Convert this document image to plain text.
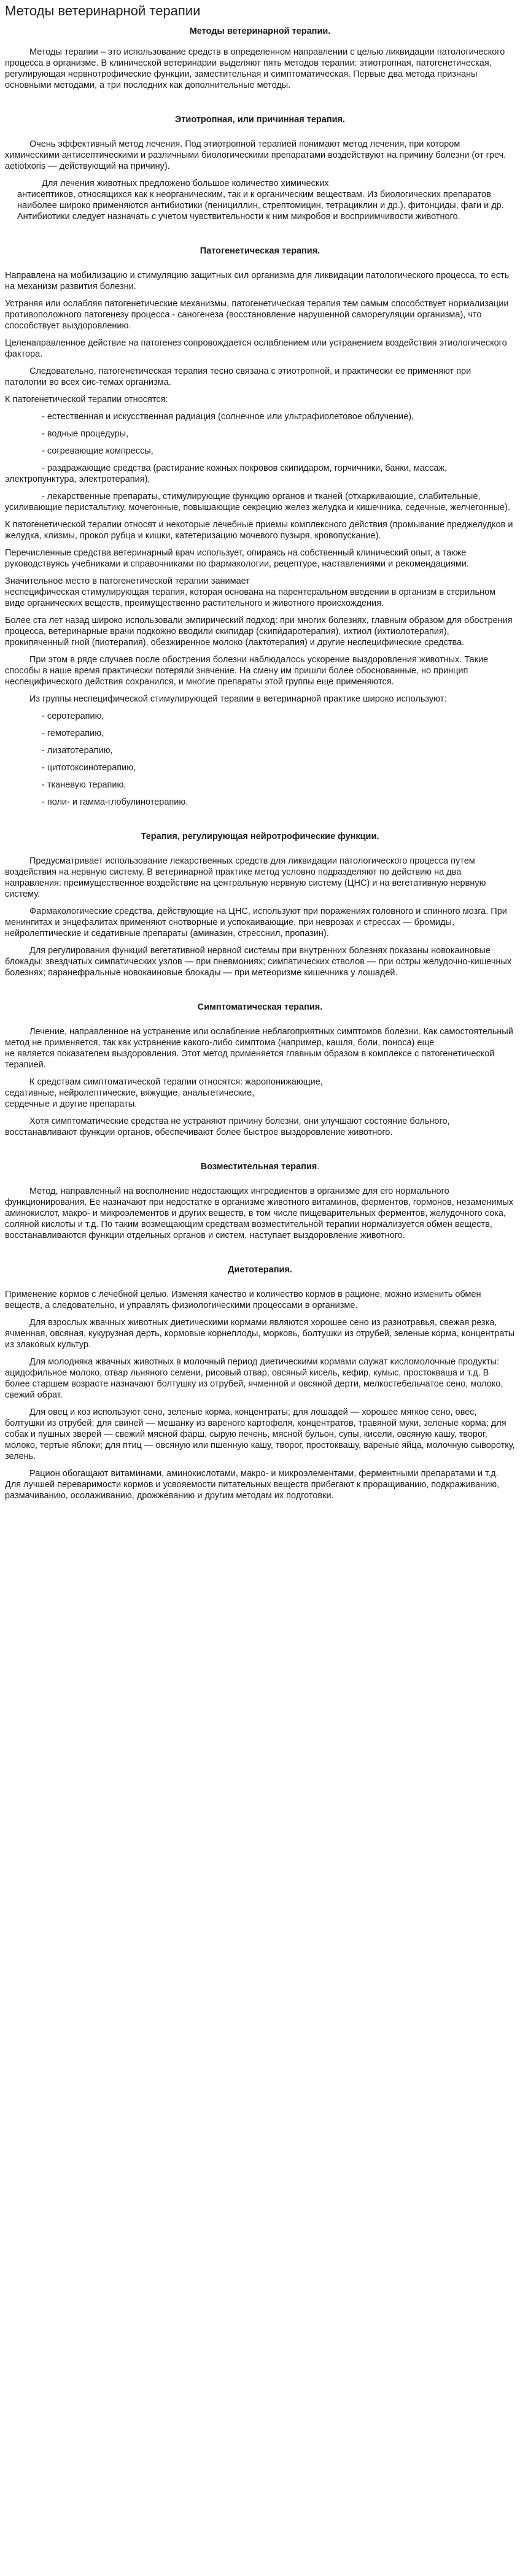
Методы ветеринарной терапии
Методы ветеринарной терапии.

Методы терапии – это использование средств в определенном направлении с целью ликвидации патологического процесса в организме. В клинической ветеринарии выделяют пять методов терапии: этиотропная, патогенетическая, регулирующая нервнотрофические функции, заместительная и симптоматическая. Первые два метода признаны основными методами, а три последних как дополнительные методы.

Этиотропная, или причинная терапия.

Очень эффективный метод лечения. Под этиотропной терапией понимают метод лечения, при котором химическими антисептическими и различными биологическими препаратами воздействуют на причину болезни (от греч. aetiotxoris — действующий на причину).

Для лечения животных предложено большое количество химических

антисептиков, относящихся как к неорганическим, так и к органическим веществам. Из биологических препаратов наиболее широко применяются антибиотики (пенициллин, стрептомицин, тетрациклин и др.), фитонциды, фаги и др. Антибиотики следует назначать с учетом чувствительности к ним микробов и восприимчивости животного.

Патогенетическая терапия.

Направлена на мобилизацию и стимуляцию защитных сил организма для ликвидации патологического процесса, то есть на механизм развития болезни.

Устраняя или ослабляя патогенетические механизмы, патогенетическая терапия тем самым способствует нормализации противоположного патогенезу процесса - саногенеза (восстановление нарушенной саморегуляции организма), что способствует выздоровлению.

Целенаправленное действие на патогенез сопровождается ослаблением или устранением воздействия этиологического фактора.

Следовательно, патогенетическая терапия тесно связана с этиотропной, и практически ее применяют при патологии во всех сис-темах организма.

К патогенетической терапии относятся:

- естественная и искусственная радиация (солнечное или ультрафиолетовое облучение),

- водные процедуры,

- согревающие компрессы,

- раздражающие средства (растирание кожных покровов скипидаром, горчичники, банки, массаж, электропунктура, электротерапия),

- лекарственные препараты, стимулирующие функцию органов и тканей (отхаркивающие, слабительные, усиливающие перистальтику, мочегонные, повышающие секрецию желез желудка и кишечника, седечные, желчегонные).

К патогенетической терапии относят и некоторые лечебные приемы комплексного действия (промывание преджелудков и желудка, клизмы, прокол рубца и кишки, катетеризацию мочевого пузыря, кровопускание).

Перечисленные средства ветеринарный врач использует, опираясь на собственный клинический опыт, а также руководствуясь учебниками и справочниками по фармакологии, рецептуре, наставлениями и рекомендациями.

Значительное место в патогенетической терапии занимает

неспецифическая стимулирующая терапия, которая основана на парентеральном введении в организм в стерильном виде органических веществ, преимущественно растительного и животного происхождения.

Более ста лет назад широко использовали эмпирический подход: при многих болезнях, главным образом для обострения процесса, ветеринарные врачи подкожно вводили скипидар (скипидаротерапия), ихтиол (ихтиолотерапия), прокипяченный гной (пиотерапия), обезжиренное молоко (лактотерапия) и другие неспецифические средства.

При этом в ряде случаев после обострения болезни наблюдалось ускорение выздоровления животных. Такие способы в наше время практически потеряли значение. На смену им пришли более обоснованные, но принцип неспецифического действия сохранился, и многие препараты этой группы еще применяются.

Из группы неспецифической стимулирующей терапии в ветеринарной практике широко используют:

- серотерапию,

- гемотерапию,

- лизатотерапию,

- цитотоксинотерапию,

- тканевую терапию,

- поли- и гамма-глобулинотерапию.

Терапия, регулирующая нейротрофические функции.

Предусматривает использование лекарственных средств для ликвидации патологического процесса путем воздействия на нервную систему. В ветеринарной практике метод условно подразделяют по действию на два направления: преимущественное воздействие на центральную нервную систему (ЦНС) и на вегетативную нервную систему.

Фармакологические средства, действующие на ЦНС, используют при поражениях головного и спинного мозга. При менингитах и энцефалитах применяют снотворные и успокаивающие, при неврозах и стрессах — бромиды, нейролептические и седативные препараты (аминазин, стресснил, пропазин).

Для регулирования функций вегетативной нервной системы при внутренних болезнях показаны новокаиновые блокады: звездчатых симпатических узлов — при пневмониях; симпатических стволов — при остры желудочно-кишечных болезнях; паранефральные новокаиновые блокады — при метеоризме кишечника у лошадей.

Симптоматическая терапия.

Лечение, направленное на устранение или ослабление неблагоприятных симптомов болезни. Как самостоятельный метод не применяется, так как устранение какого-либо симптома (например, кашля, боли, поноса) еще

не является показателем выздоровления. Этот метод применяется главным образом в комплексе с патогенетической терапией.

К средствам симптоматической терапии относятся: жаропонижающие,

седативные, нейролептические, вяжущие, анальгетические,

сердечные и другие препараты.

Хотя симптоматические средства не устраняют причину болезни, они улучшают состояние больного, восстанавливают функции органов, обеспечивают более быстрое выздоровление животного.

Возместительная терапия.

Метод, направленный на восполнение недостающих ингредиентов в организме для его нормального функционирования. Ее назначают при недостатке в организме животного витаминов, ферментов, гормонов, незаменимых аминокислот, макро- и микроэлементов и других веществ, в том числе пищеварительных ферментов, желудочного сока, соляной кислоты и т.д. По таким возмещающим средствам возместительной терапии нормализуется обмен веществ, восстанавливаются функции отдельных органов и систем, наступает выздоровление животного.

Диетотерапия.

Применение кормов с лечебной целью. Изменяя качество и количество кормов в рационе, можно изменить обмен веществ, а следовательно, и управлять физиологическими процессами в организме.

Для взрослых жвачных животных диетическими кормами являются хорошее сено из разнотравья, свежая резка, ячменная, овсяная, кукурузная дерть, кормовые корнеплоды, морковь, болтушки из отрубей, зеленые корма, концентраты из злаковых культур.

Для молодняка жвачных животных в молочный период диетическими кормами служат кисломолочные продукты: ацидофильное молоко, отвар льняного семени, рисовый отвар, овсяный кисель, кефир, кумыс, простокваша и т.д. В более старшем возрасте назначают болтушку из отрубей, ячменной и овсяной дерти, мелкостебельчатое сено, молоко, свежий обрат.

Для овец и коз используют сено, зеленые корма, концентраты; для лошадей — хорошее мягкое сено, овес, болтушки из отрубей; для свиней — мешанку из вареного картофеля, концентратов, травяной муки, зеленые корма; для собак и пушных зверей — свежий мясной фарш, сырую печень, мясной бульон, супы, кисели, овсяную кашу, творог, молоко, тертые яблоки; для птиц — овсяную или пшенную кашу, творог, простоквашу, вареные яйца, молочную сыворотку, зелень.

Рацион обогащают витаминами, аминокислотами, макро- и микроэлементами, ферментными препаратами и т.д. Для лучшей переваримости кормов и усвояемости питательных веществ прибегают к проращиванию, подкраживанию, размачиванию, осолаживанию, дрожжеванию и другим методам их подготовки.
